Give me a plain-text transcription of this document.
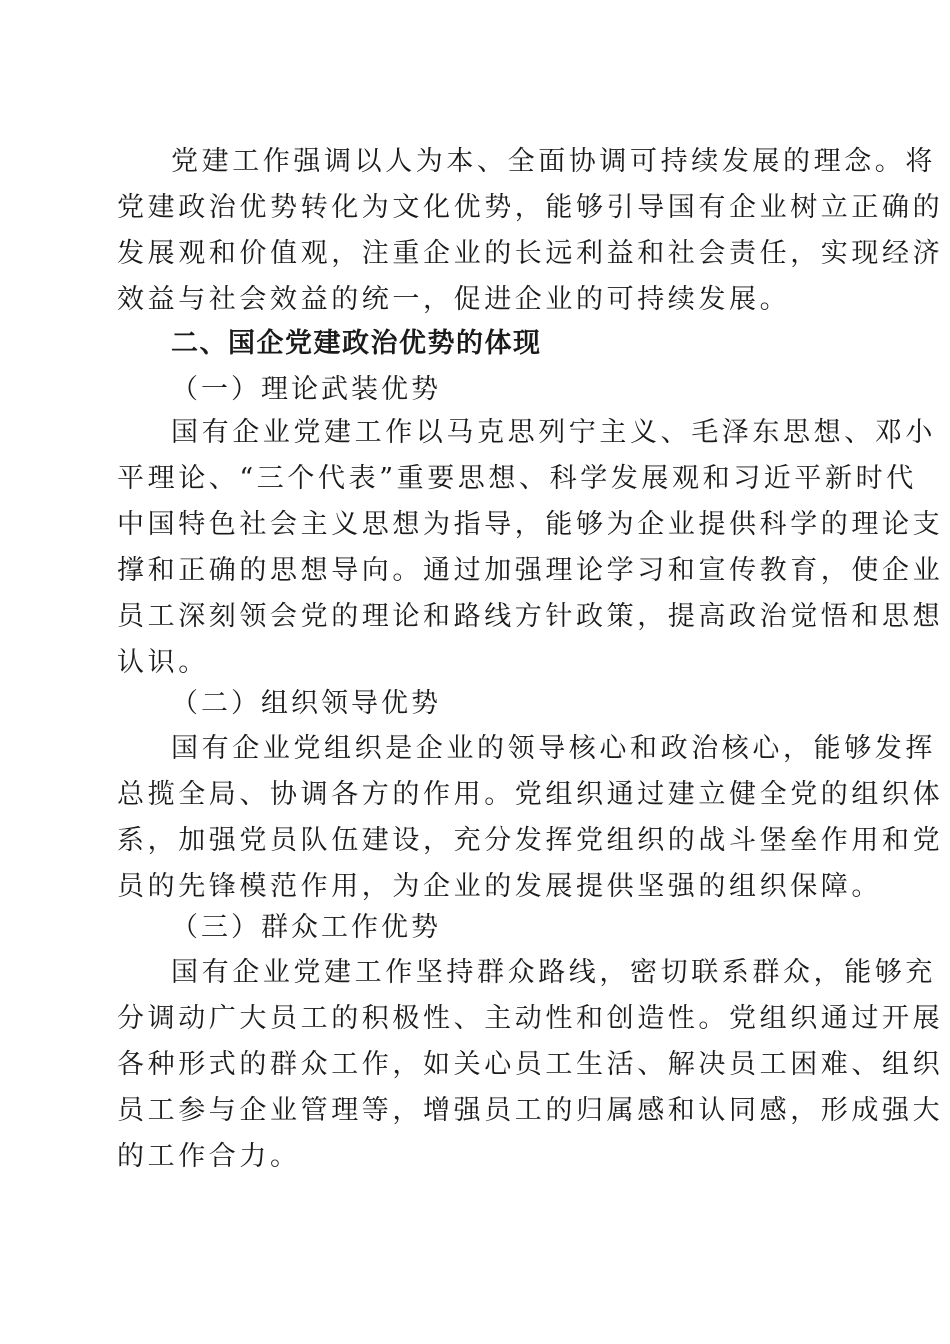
党建工作强调以人为本、全面协调可持续发展的理念。将
党建政治优势转化为文化优势，能够引导国有企业树立正确的
发展观和价值观，注重企业的长远利益和社会责任，实现经济
效益与社会效益的统一，促进企业的可持续发展。
二、国企党建政治优势的体现
（一）理论武装优势
国有企业党建工作以马克思列宁主义、毛泽东思想、邓小
平理论、“三个代表”重要思想、科学发展观和习近平新时代
中国特色社会主义思想为指导，能够为企业提供科学的理论支
撑和正确的思想导向。通过加强理论学习和宣传教育，使企业
员工深刻领会党的理论和路线方针政策，提高政治觉悟和思想
认识。
（二）组织领导优势
国有企业党组织是企业的领导核心和政治核心，能够发挥
总揽全局、协调各方的作用。党组织通过建立健全党的组织体
系，加强党员队伍建设，充分发挥党组织的战斗堡垒作用和党
员的先锋模范作用，为企业的发展提供坚强的组织保障。
（三）群众工作优势
国有企业党建工作坚持群众路线，密切联系群众，能够充
分调动广大员工的积极性、主动性和创造性。党组织通过开展
各种形式的群众工作，如关心员工生活、解决员工困难、组织
员工参与企业管理等，增强员工的归属感和认同感，形成强大
的工作合力。
